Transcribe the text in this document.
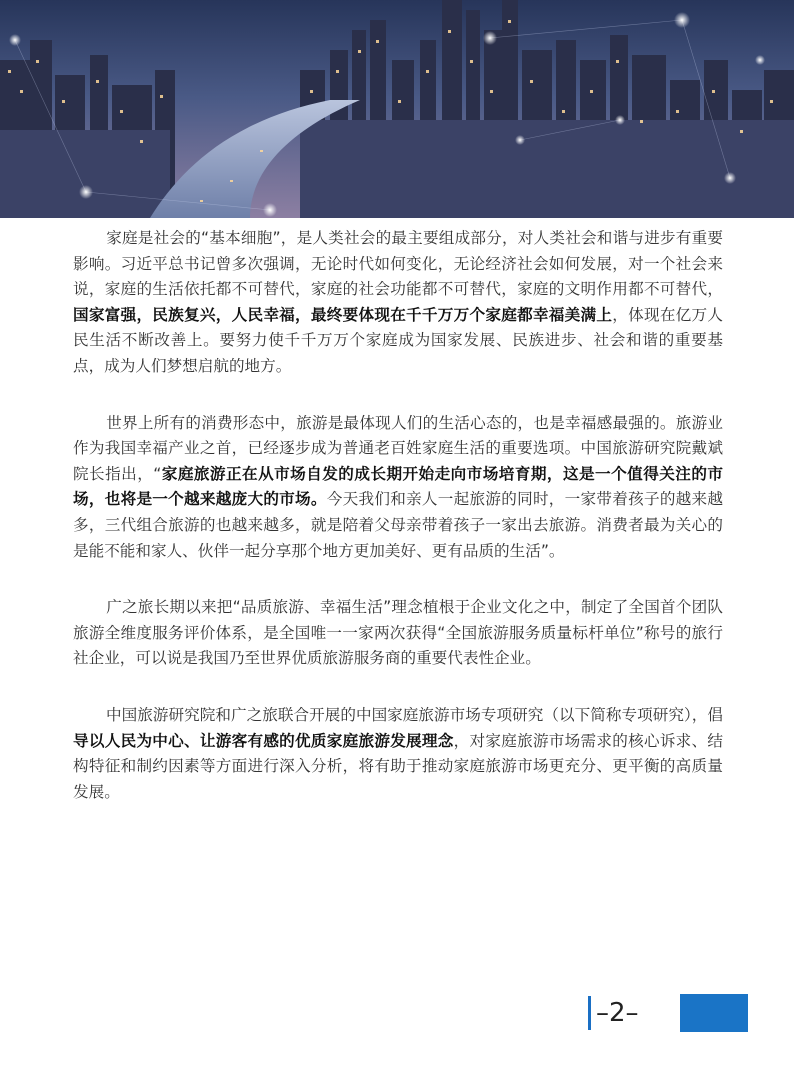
家庭是社会的“基本细胞”，是人类社会的最主要组成部分，对人类社会和谐与进步有重要影响。习近平总书记曾多次强调，无论时代如何变化，无论经济社会如何发展，对一个社会来说，家庭的生活依托都不可替代，家庭的社会功能都不可替代，家庭的文明作用都不可替代，国家富强，民族复兴，人民幸福，最终要体现在千千万万个家庭都幸福美满上，体现在亿万人民生活不断改善上。要努力使千千万万个家庭成为国家发展、民族进步、社会和谐的重要基点，成为人们梦想启航的地方。

世界上所有的消费形态中，旅游是最体现人们的生活心态的，也是幸福感最强的。旅游业作为我国幸福产业之首，已经逐步成为普通老百姓家庭生活的重要选项。中国旅游研究院戴斌院长指出，“家庭旅游正在从市场自发的成长期开始走向市场培育期，这是一个值得关注的市场，也将是一个越来越庞大的市场。今天我们和亲人一起旅游的同时，一家带着孩子的越来越多，三代组合旅游的也越来越多，就是陪着父母亲带着孩子一家出去旅游。消费者最为关心的是能不能和家人、伙伴一起分享那个地方更加美好、更有品质的生活”。

广之旅长期以来把“品质旅游、幸福生活”理念植根于企业文化之中，制定了全国首个团队旅游全维度服务评价体系，是全国唯一一家两次获得“全国旅游服务质量标杆单位”称号的旅行社企业，可以说是我国乃至世界优质旅游服务商的重要代表性企业。

中国旅游研究院和广之旅联合开展的中国家庭旅游市场专项研究（以下简称专项研究），倡导以人民为中心、让游客有感的优质家庭旅游发展理念，对家庭旅游市场需求的核心诉求、结构特征和制约因素等方面进行深入分析，将有助于推动家庭旅游市场更充分、更平衡的高质量发展。

–2–
